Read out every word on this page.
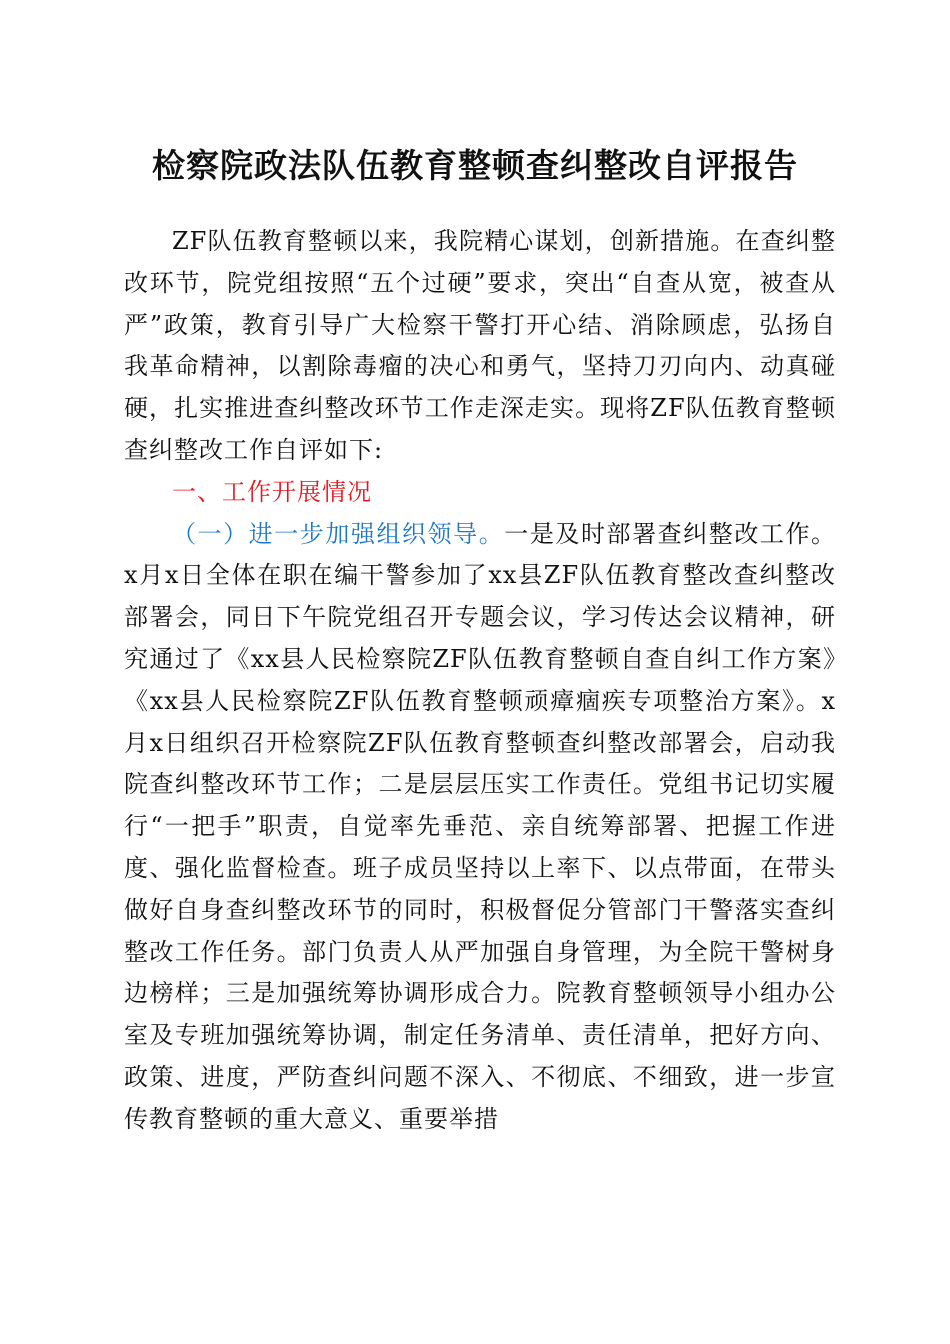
检察院政法队伍教育整顿查纠整改自评报告

ZF队伍教育整顿以来，我院精心谋划，创新措施。在查纠整改环节，院党组按照“五个过硬”要求，突出“自查从宽，被查从严”政策，教育引导广大检察干警打开心结、消除顾虑，弘扬自我革命精神，以割除毒瘤的决心和勇气，坚持刀刃向内、动真碰硬，扎实推进查纠整改环节工作走深走实。现将ZF队伍教育整顿查纠整改工作自评如下:

一、工作开展情况

（一）进一步加强组织领导。一是及时部署查纠整改工作。x月x日全体在职在编干警参加了xx县ZF队伍教育整改查纠整改部署会，同日下午院党组召开专题会议，学习传达会议精神，研究通过了《xx县人民检察院ZF队伍教育整顿自查自纠工作方案》《xx县人民检察院ZF队伍教育整顿顽瘴痼疾专项整治方案》。x月x日组织召开检察院ZF队伍教育整顿查纠整改部署会，启动我院查纠整改环节工作；二是层层压实工作责任。党组书记切实履行“一把手”职责，自觉率先垂范、亲自统筹部署、把握工作进度、强化监督检查。班子成员坚持以上率下、以点带面，在带头做好自身查纠整改环节的同时，积极督促分管部门干警落实查纠整改工作任务。部门负责人从严加强自身管理，为全院干警树身边榜样；三是加强统筹协调形成合力。院教育整顿领导小组办公室及专班加强统筹协调，制定任务清单、责任清单，把好方向、政策、进度，严防查纠问题不深入、不彻底、不细致，进一步宣传教育整顿的重大意义、重要举措
